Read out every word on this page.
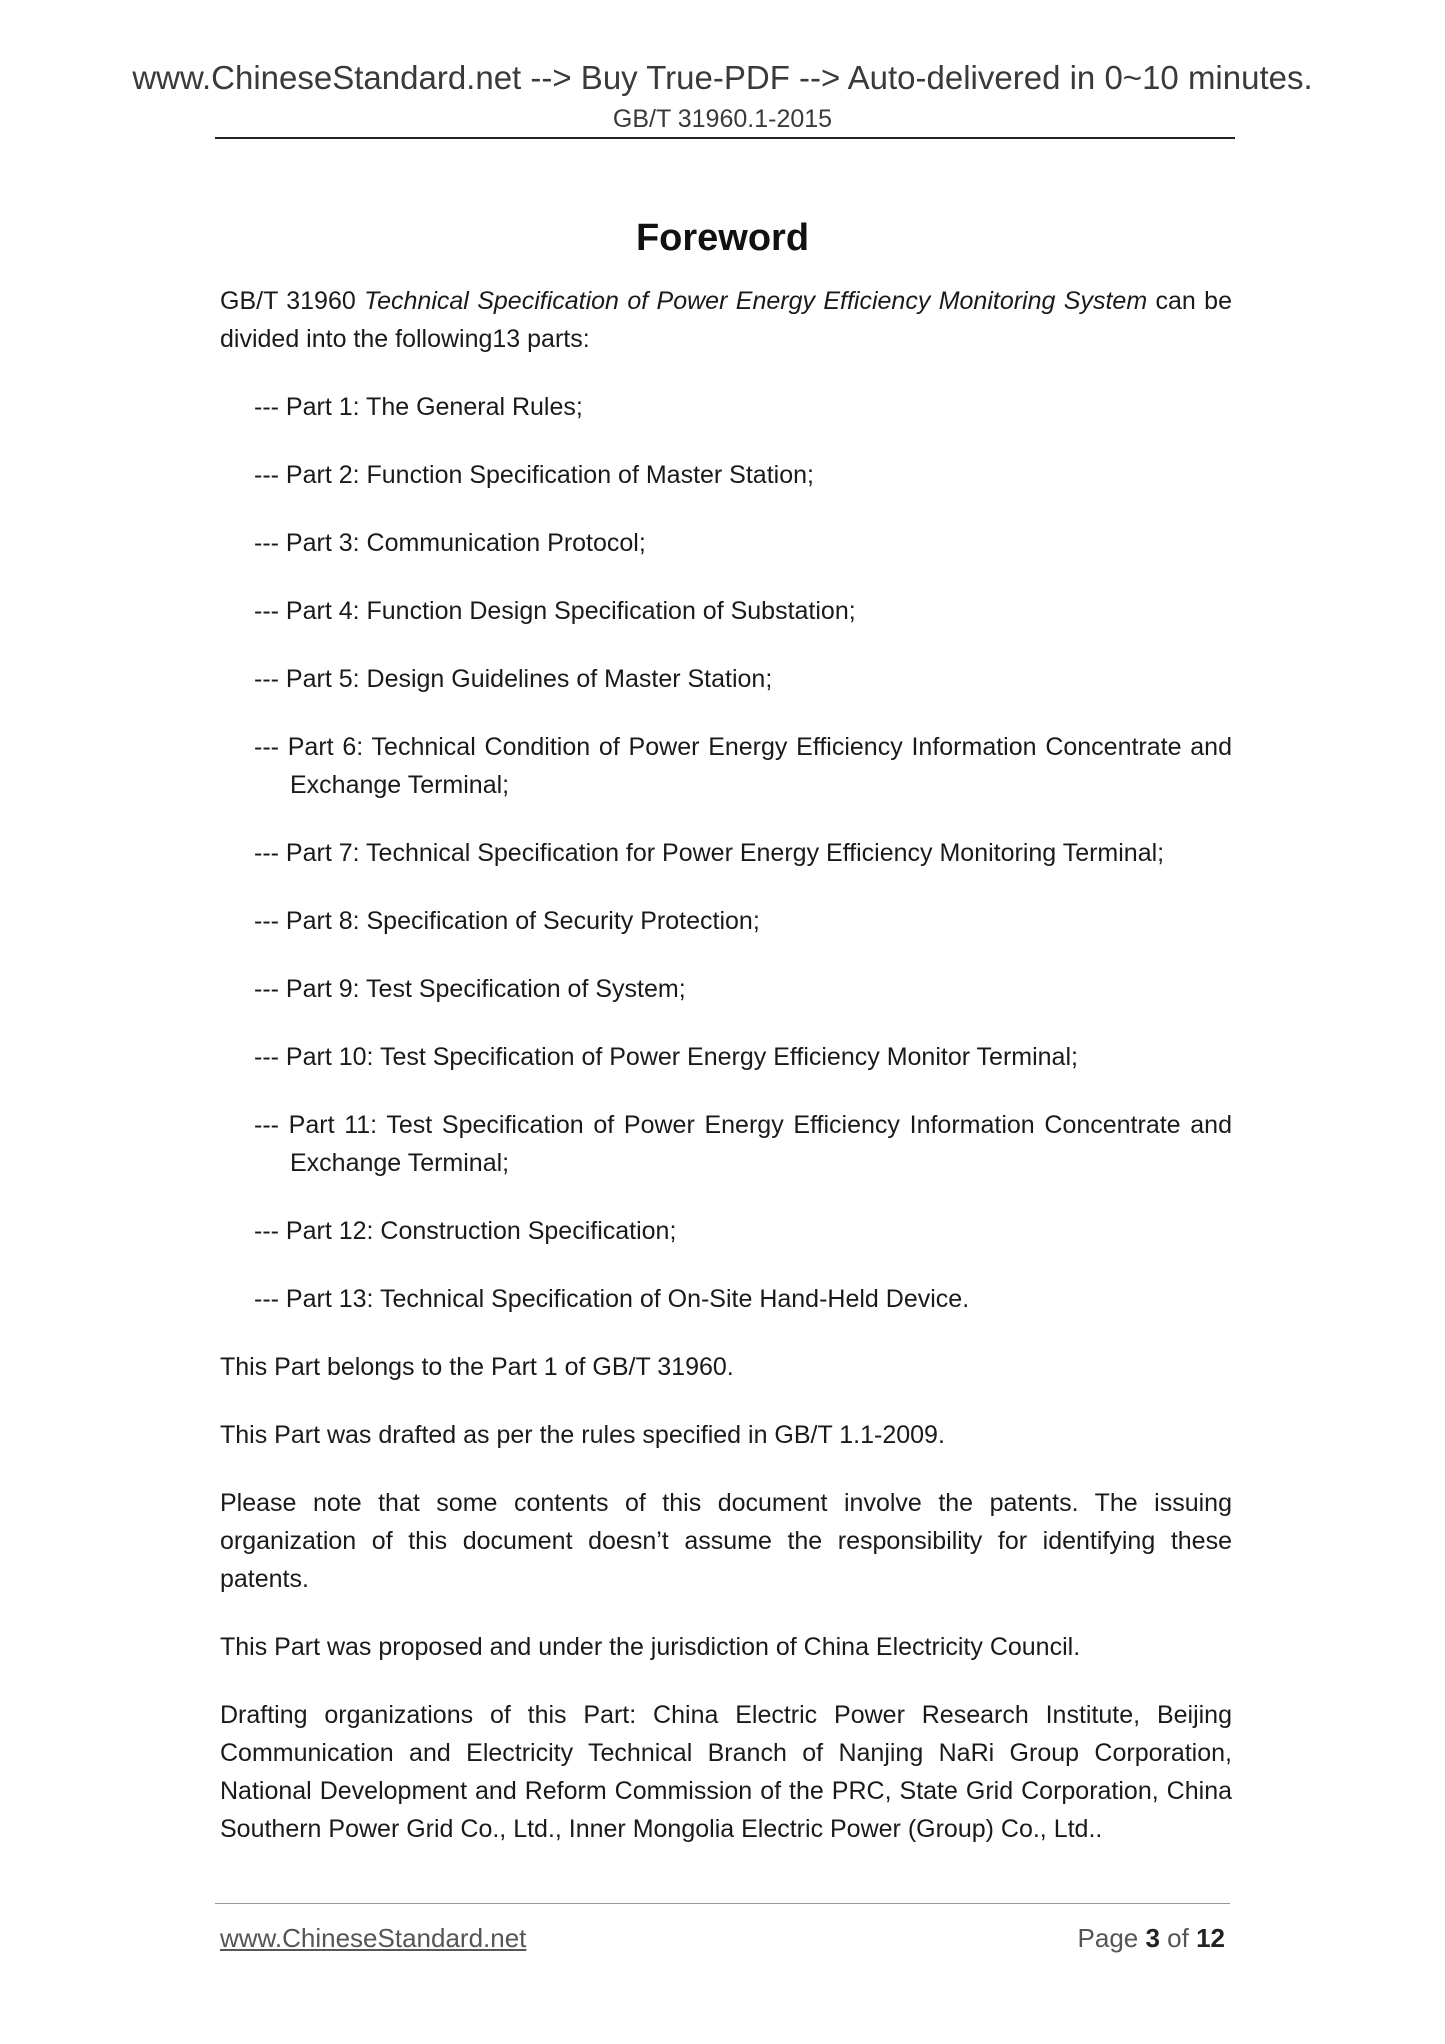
www.ChineseStandard.net --> Buy True-PDF --> Auto-delivered in 0~10 minutes.
GB/T 31960.1-2015
Foreword
GB/T 31960 Technical Specification of Power Energy Efficiency Monitoring System can be divided into the following13 parts:
--- Part 1: The General Rules;
--- Part 2: Function Specification of Master Station;
--- Part 3: Communication Protocol;
--- Part 4: Function Design Specification of Substation;
--- Part 5: Design Guidelines of Master Station;
--- Part 6: Technical Condition of Power Energy Efficiency Information Concentrate and Exchange Terminal;
--- Part 7: Technical Specification for Power Energy Efficiency Monitoring Terminal;
--- Part 8: Specification of Security Protection;
--- Part 9: Test Specification of System;
--- Part 10: Test Specification of Power Energy Efficiency Monitor Terminal;
--- Part 11: Test Specification of Power Energy Efficiency Information Concentrate and Exchange Terminal;
--- Part 12: Construction Specification;
--- Part 13: Technical Specification of On-Site Hand-Held Device.

This Part belongs to the Part 1 of GB/T 31960.

This Part was drafted as per the rules specified in GB/T 1.1-2009.

Please note that some contents of this document involve the patents. The issuing organization of this document doesn’t assume the responsibility for identifying these patents.

This Part was proposed and under the jurisdiction of China Electricity Council.

Drafting organizations of this Part: China Electric Power Research Institute, Beijing Communication and Electricity Technical Branch of Nanjing NaRi Group Corporation, National Development and Reform Commission of the PRC, State Grid Corporation, China Southern Power Grid Co., Ltd., Inner Mongolia Electric Power (Group) Co., Ltd..

www.ChineseStandard.net	Page 3 of 12
